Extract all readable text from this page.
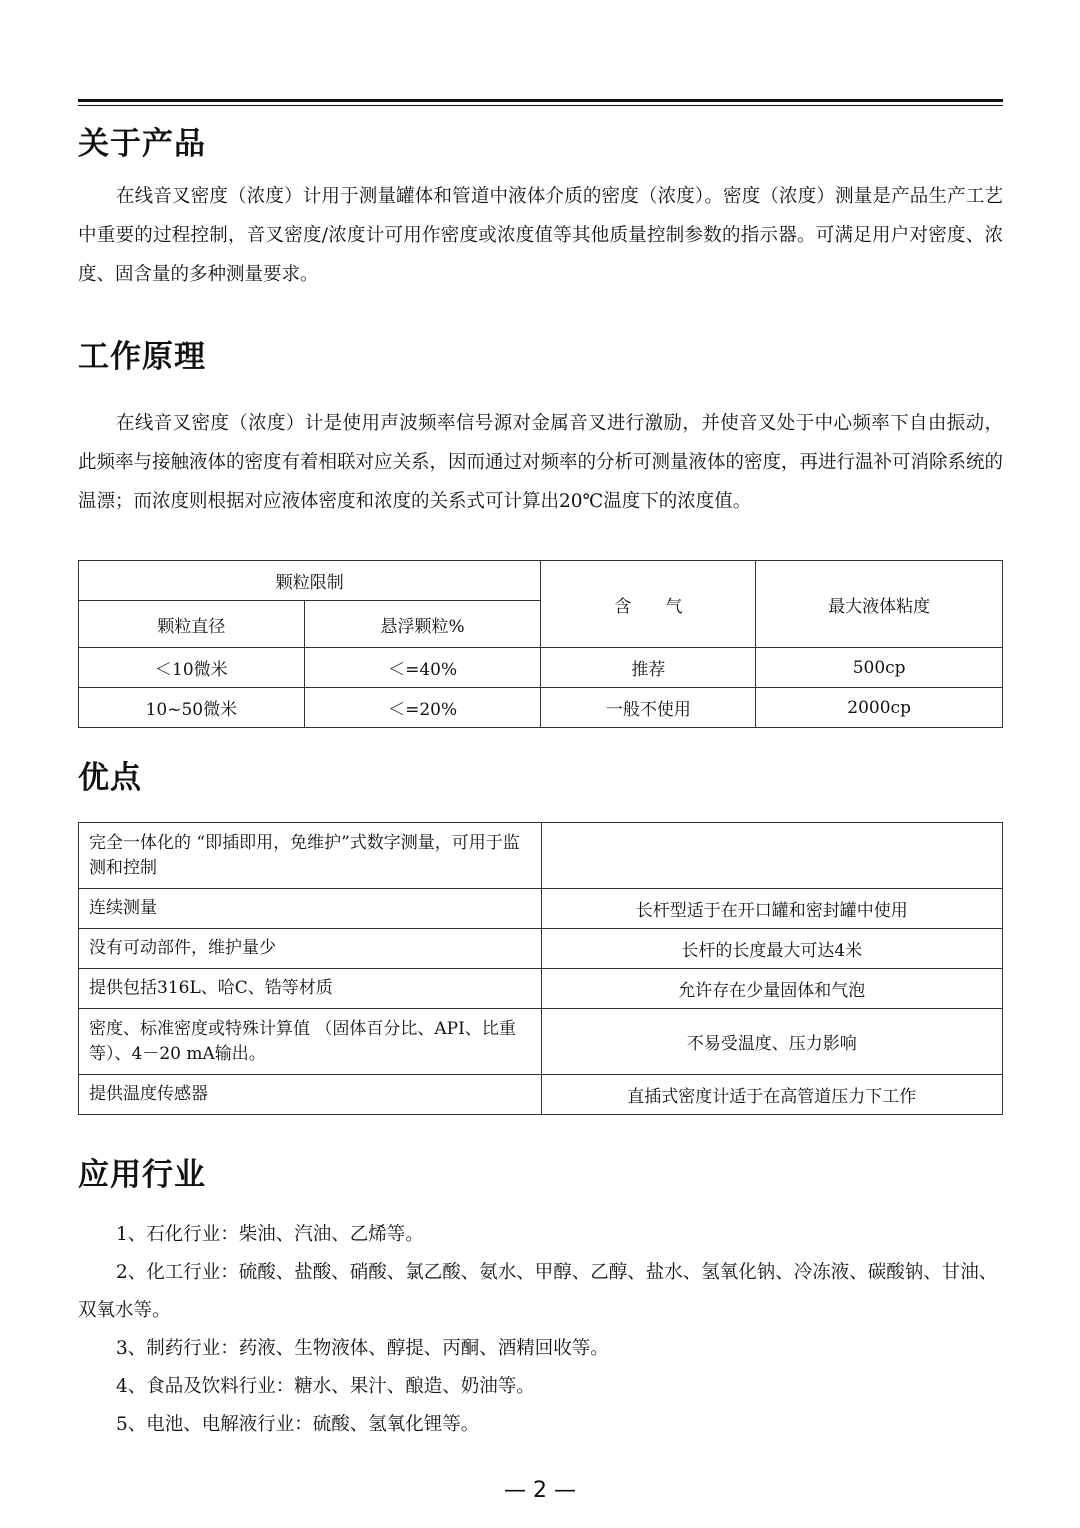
关于产品

在线音叉密度（浓度）计用于测量罐体和管道中液体介质的密度（浓度）。密度（浓度）测量是产品生产工艺中重要的过程控制，音叉密度/浓度计可用作密度或浓度值等其他质量控制参数的指示器。可满足用户对密度、浓度、固含量的多种测量要求。

工作原理

在线音叉密度（浓度）计是使用声波频率信号源对金属音叉进行激励，并使音叉处于中心频率下自由振动，此频率与接触液体的密度有着相联对应关系，因而通过对频率的分析可测量液体的密度，再进行温补可消除系统的温漂；而浓度则根据对应液体密度和浓度的关系式可计算出20℃温度下的浓度值。

颗粒限制		含　　气	最大液体粘度
颗粒直径	悬浮颗粒%		
＜10微米	＜=40%	推荐	500cp
10~50微米	＜=20%	一般不使用	2000cp
优点
完全一体化的 “即插即用，免维护”式数字测量，可用于监测和控制	
连续测量	长杆型适于在开口罐和密封罐中使用
没有可动部件，维护量少	长杆的长度最大可达4米
提供包括316L、哈C、锆等材质	允许存在少量固体和气泡
密度、标准密度或特殊计算值 （固体百分比、API、比重等）、4－20 mA输出。	不易受温度、压力影响
提供温度传感器	直插式密度计适于在高管道压力下工作
应用行业

1、石化行业：柴油、汽油、乙烯等。

2、化工行业：硫酸、盐酸、硝酸、氯乙酸、氨水、甲醇、乙醇、盐水、氢氧化钠、冷冻液、碳酸钠、甘油、双氧水等。

3、制药行业：药液、生物液体、醇提、丙酮、酒精回收等。

4、食品及饮料行业：糖水、果汁、酿造、奶油等。

5、电池、电解液行业：硫酸、氢氧化锂等。

— 2 —
